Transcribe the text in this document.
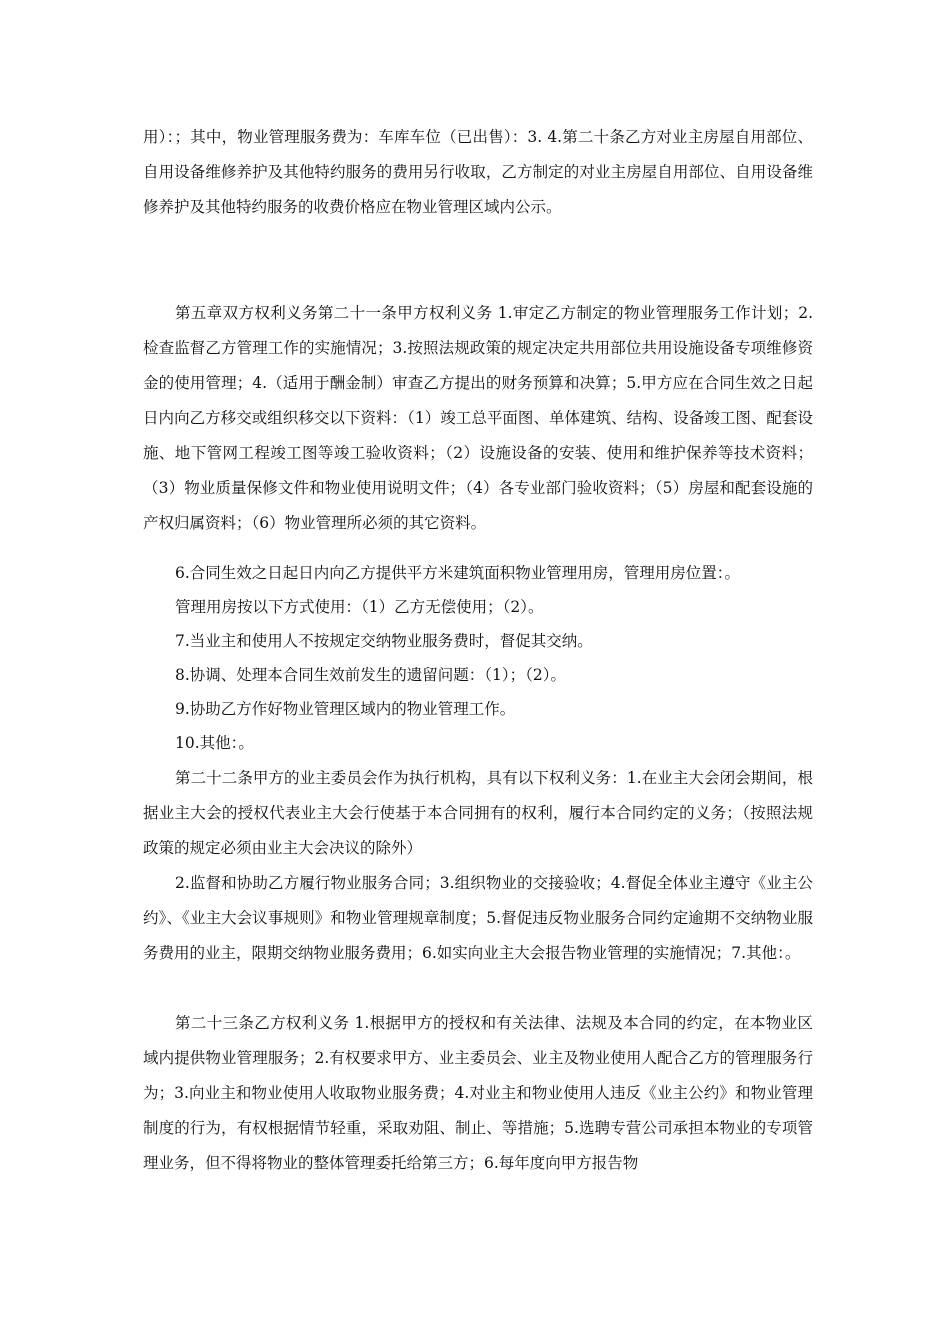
用）：；其中，物业管理服务费为：车库车位（已出售）：3. 4.第二十条乙方对业主房屋自用部位、自用设备维修养护及其他特约服务的费用另行收取，乙方制定的对业主房屋自用部位、自用设备维修养护及其他特约服务的收费价格应在物业管理区域内公示。

第五章双方权利义务第二十一条甲方权利义务 1.审定乙方制定的物业管理服务工作计划；2.检查监督乙方管理工作的实施情况；3.按照法规政策的规定决定共用部位共用设施设备专项维修资金的使用管理；4.（适用于酬金制）审查乙方提出的财务预算和决算；5.甲方应在合同生效之日起日内向乙方移交或组织移交以下资料：（1）竣工总平面图、单体建筑、结构、设备竣工图、配套设施、地下管网工程竣工图等竣工验收资料；（2）设施设备的安装、使用和维护保养等技术资料；（3）物业质量保修文件和物业使用说明文件；（4）各专业部门验收资料；（5）房屋和配套设施的产权归属资料；（6）物业管理所必须的其它资料。

6.合同生效之日起日内向乙方提供平方米建筑面积物业管理用房，管理用房位置：。

管理用房按以下方式使用：（1）乙方无偿使用；（2）。

7.当业主和使用人不按规定交纳物业服务费时，督促其交纳。

8.协调、处理本合同生效前发生的遗留问题：（1）；（2）。

9.协助乙方作好物业管理区域内的物业管理工作。

10.其他：。

第二十二条甲方的业主委员会作为执行机构，具有以下权利义务：1.在业主大会闭会期间，根据业主大会的授权代表业主大会行使基于本合同拥有的权利，履行本合同约定的义务；（按照法规政策的规定必须由业主大会决议的除外）

2.监督和协助乙方履行物业服务合同；3.组织物业的交接验收；4.督促全体业主遵守《业主公约》、《业主大会议事规则》和物业管理规章制度；5.督促违反物业服务合同约定逾期不交纳物业服务费用的业主，限期交纳物业服务费用；6.如实向业主大会报告物业管理的实施情况；7.其他：。

第二十三条乙方权利义务 1.根据甲方的授权和有关法律、法规及本合同的约定，在本物业区域内提供物业管理服务；2.有权要求甲方、业主委员会、业主及物业使用人配合乙方的管理服务行为；3.向业主和物业使用人收取物业服务费；4.对业主和物业使用人违反《业主公约》和物业管理制度的行为，有权根据情节轻重，采取劝阻、制止、等措施；5.选聘专营公司承担本物业的专项管理业务，但不得将物业的整体管理委托给第三方；6.每年度向甲方报告物
